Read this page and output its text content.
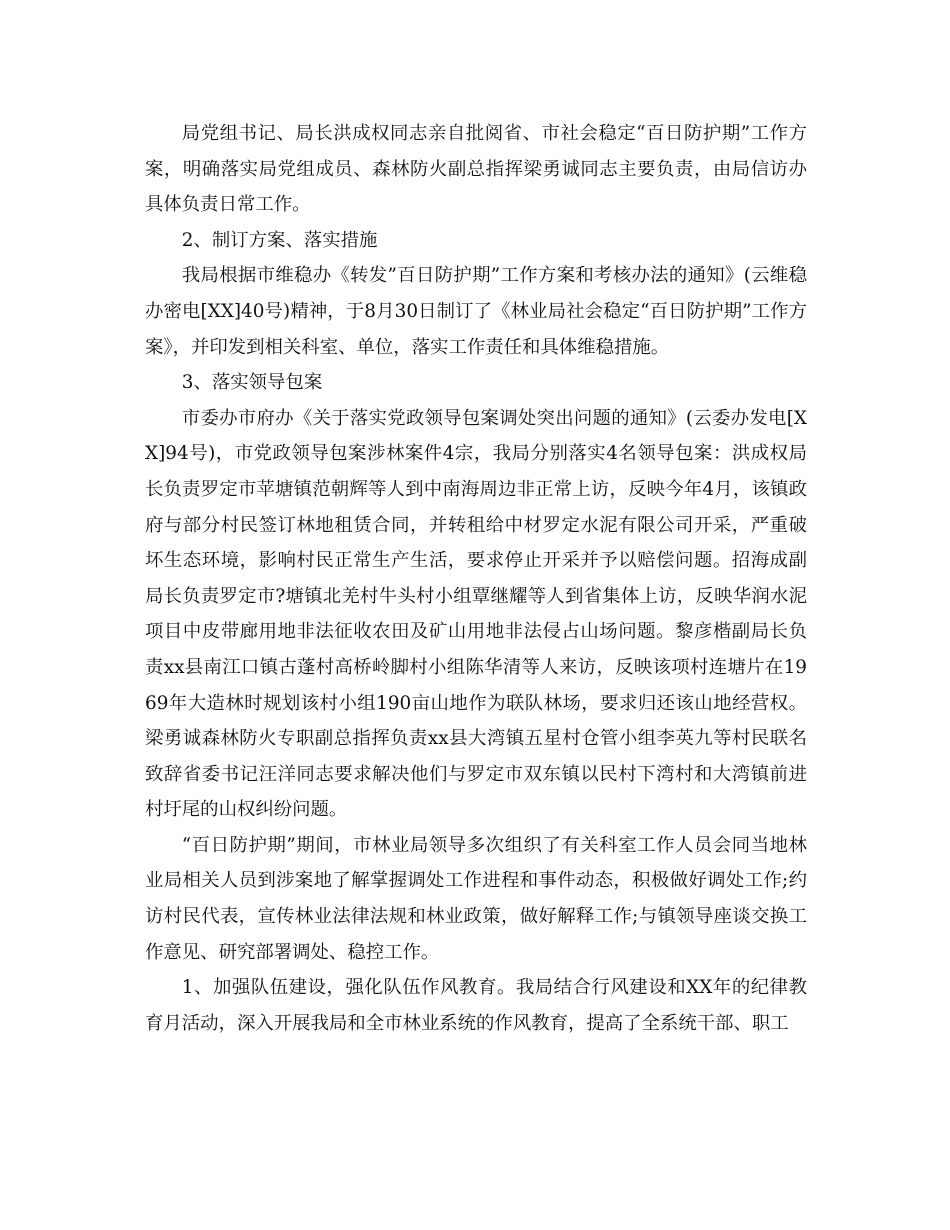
局党组书记、局长洪成权同志亲自批阅省、市社会稳定“百日防护期”工作方案，明确落实局党组成员、森林防火副总指挥梁勇诚同志主要负责，由局信访办具体负责日常工作。

2、制订方案、落实措施

我局根据市维稳办《转发”百日防护期”工作方案和考核办法的通知》(云维稳办密电[XX]40号)精神，于8月30日制订了《林业局社会稳定“百日防护期”工作方案》，并印发到相关科室、单位，落实工作责任和具体维稳措施。

3、落实领导包案

市委办市府办《关于落实党政领导包案调处突出问题的通知》(云委办发电[XX]94号)，市党政领导包案涉林案件4宗，我局分别落实4名领导包案：洪成权局长负责罗定市苹塘镇范朝辉等人到中南海周边非正常上访，反映今年4月，该镇政府与部分村民签订林地租赁合同，并转租给中材罗定水泥有限公司开采，严重破坏生态环境，影响村民正常生产生活，要求停止开采并予以赔偿问题。招海成副局长负责罗定市?塘镇北羌村牛头村小组覃继耀等人到省集体上访，反映华润水泥项目中皮带廊用地非法征收农田及矿山用地非法侵占山场问题。黎彦楷副局长负责xx县南江口镇古蓬村高桥岭脚村小组陈华清等人来访，反映该项村连塘片在1969年大造林时规划该村小组190亩山地作为联队林场，要求归还该山地经营权。梁勇诚森林防火专职副总指挥负责xx县大湾镇五星村仓管小组李英九等村民联名致辞省委书记汪洋同志要求解决他们与罗定市双东镇以民村下湾村和大湾镇前进村圩尾的山权纠纷问题。

“百日防护期”期间，市林业局领导多次组织了有关科室工作人员会同当地林业局相关人员到涉案地了解掌握调处工作进程和事件动态，积极做好调处工作;约访村民代表，宣传林业法律法规和林业政策，做好解释工作;与镇领导座谈交换工作意见、研究部署调处、稳控工作。

1、加强队伍建设，强化队伍作风教育。我局结合行风建设和XX年的纪律教育月活动，深入开展我局和全市林业系统的作风教育，提高了全系统干部、职工
